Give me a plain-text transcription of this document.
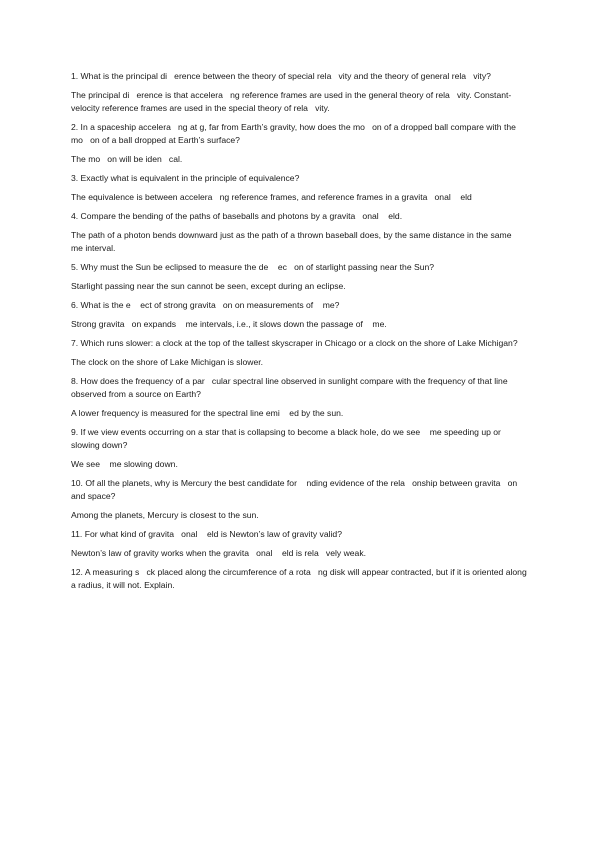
1. What is the principal di   erence between the theory of special rela   vity and the theory of general rela   vity?

The principal di   erence is that accelera   ng reference frames are used in the general theory of rela   vity. Constant-velocity reference frames are used in the special theory of rela   vity.

2. In a spaceship accelera   ng at g, far from Earth’s gravity, how does the mo   on of a dropped ball compare with the mo   on of a ball dropped at Earth’s surface?

The mo   on will be iden   cal.

3. Exactly what is equivalent in the principle of equivalence?

The equivalence is between accelera   ng reference frames, and reference frames in a gravita   onal    eld

4. Compare the bending of the paths of baseballs and photons by a gravita   onal    eld.

The path of a photon bends downward just as the path of a thrown baseball does, by the same distance in the same    me interval.

5. Why must the Sun be eclipsed to measure the de    ec   on of starlight passing near the Sun?

Starlight passing near the sun cannot be seen, except during an eclipse.

6. What is the e    ect of strong gravita   on on measurements of    me?

Strong gravita   on expands    me intervals, i.e., it slows down the passage of    me.

7. Which runs slower: a clock at the top of the tallest skyscraper in Chicago or a clock on the shore of Lake Michigan?

The clock on the shore of Lake Michigan is slower.

8. How does the frequency of a par   cular spectral line observed in sunlight compare with the frequency of that line observed from a source on Earth?

A lower frequency is measured for the spectral line emi    ed by the sun.

9. If we view events occurring on a star that is collapsing to become a black hole, do we see    me speeding up or slowing down?

We see    me slowing down.

10. Of all the planets, why is Mercury the best candidate for    nding evidence of the rela   onship between gravita   on and space?

Among the planets, Mercury is closest to the sun.

11. For what kind of gravita   onal    eld is Newton’s law of gravity valid?

Newton’s law of gravity works when the gravita   onal    eld is rela   vely weak.

12. A measuring s   ck placed along the circumference of a rota   ng disk will appear contracted, but if it is oriented along a radius, it will not. Explain.
